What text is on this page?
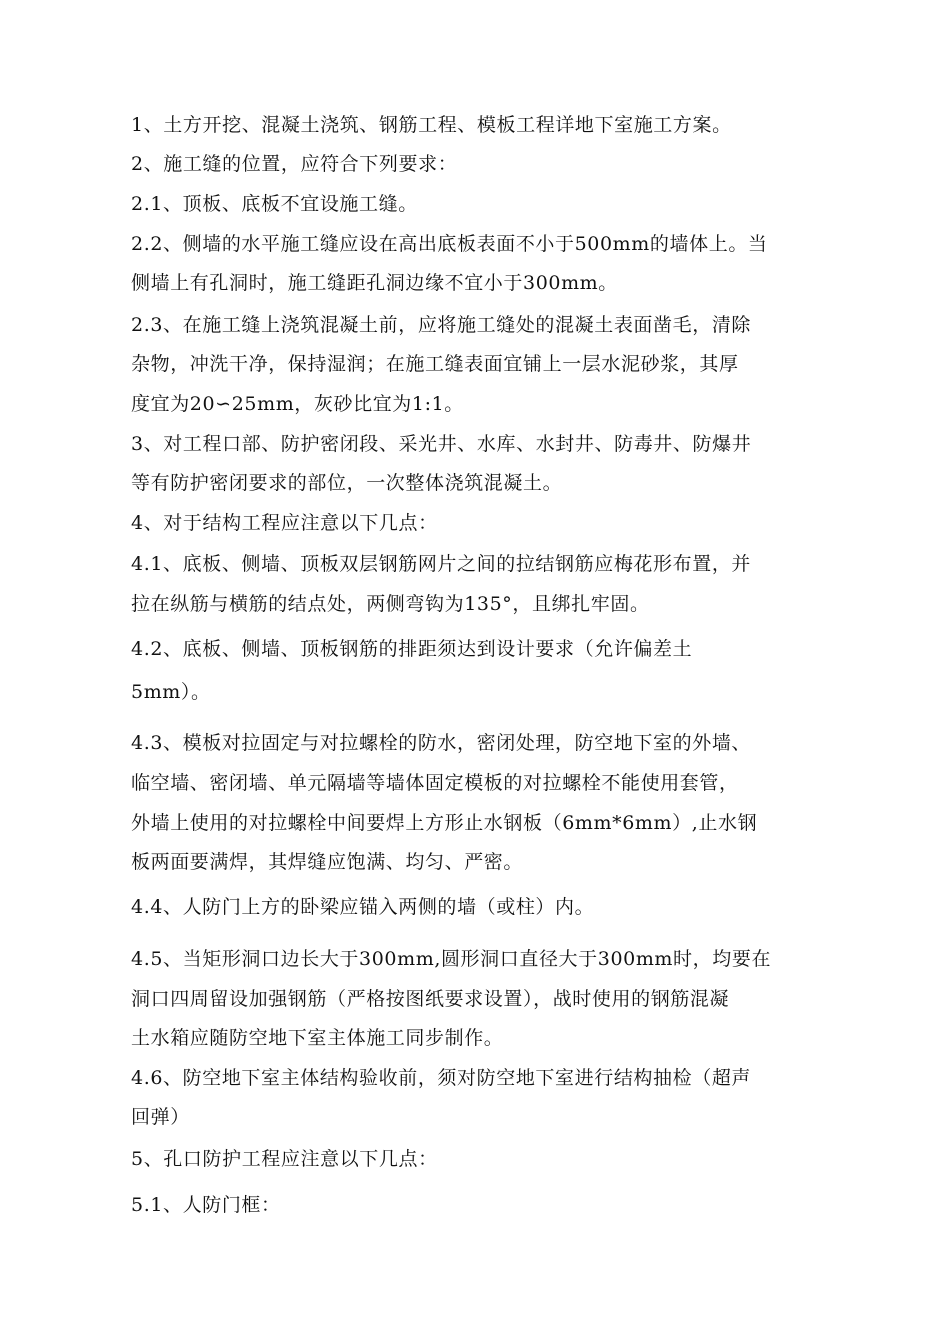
1、土方开挖、混凝土浇筑、钢筋工程、模板工程详地下室施工方案。
2、施工缝的位置，应符合下列要求：
2.1、顶板、底板不宜设施工缝。
2.2、侧墙的水平施工缝应设在高出底板表面不小于500mm的墙体上。当
侧墙上有孔洞时，施工缝距孔洞边缘不宜小于300mm。
2.3、在施工缝上浇筑混凝土前，应将施工缝处的混凝土表面凿毛，清除
杂物，冲洗干净，保持湿润；在施工缝表面宜铺上一层水泥砂浆，其厚
度宜为20∽25mm，灰砂比宜为1:1。
3、对工程口部、防护密闭段、采光井、水库、水封井、防毒井、防爆井
等有防护密闭要求的部位，一次整体浇筑混凝土。
4、对于结构工程应注意以下几点：
4.1、底板、侧墙、顶板双层钢筋网片之间的拉结钢筋应梅花形布置，并
拉在纵筋与横筋的结点处，两侧弯钩为135°，且绑扎牢固。
4.2、底板、侧墙、顶板钢筋的排距须达到设计要求（允许偏差土
5mm）。
4.3、模板对拉固定与对拉螺栓的防水，密闭处理，防空地下室的外墙、
临空墙、密闭墙、单元隔墙等墙体固定模板的对拉螺栓不能使用套管，
外墙上使用的对拉螺栓中间要焊上方形止水钢板（6mm*6mm）,止水钢
板两面要满焊，其焊缝应饱满、均匀、严密。
4.4、人防门上方的卧梁应锚入两侧的墙（或柱）内。
4.5、当矩形洞口边长大于300mm,圆形洞口直径大于300mm时，均要在
洞口四周留设加强钢筋（严格按图纸要求设置），战时使用的钢筋混凝
土水箱应随防空地下室主体施工同步制作。
4.6、防空地下室主体结构验收前，须对防空地下室进行结构抽检（超声
回弹）
5、孔口防护工程应注意以下几点：
5.1、人防门框：
